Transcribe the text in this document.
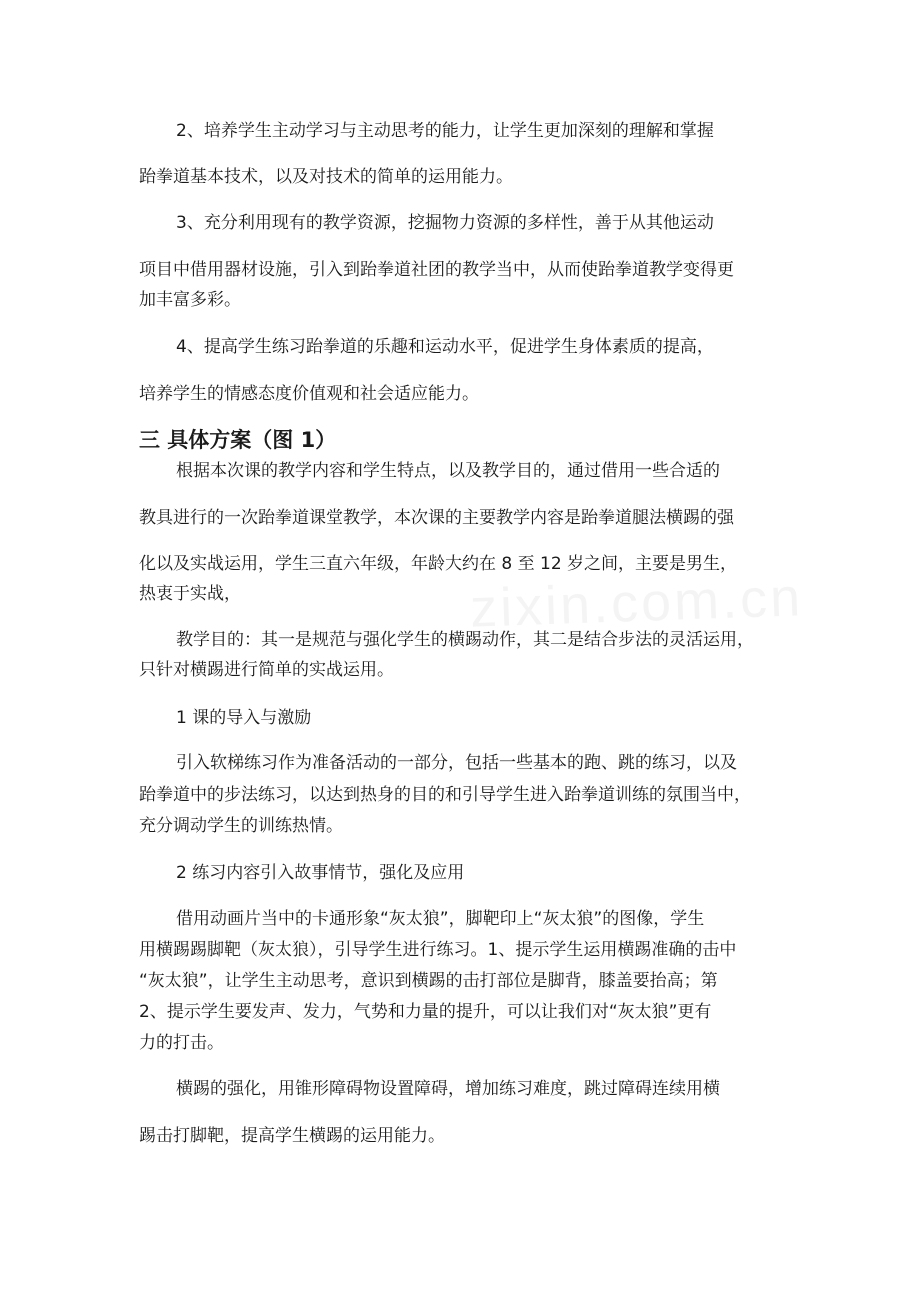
2、培养学生主动学习与主动思考的能力，让学生更加深刻的理解和掌握
跆拳道基本技术，以及对技术的简单的运用能力。
3、充分利用现有的教学资源，挖掘物力资源的多样性，善于从其他运动
项目中借用器材设施，引入到跆拳道社团的教学当中，从而使跆拳道教学变得更
加丰富多彩。
4、提高学生练习跆拳道的乐趣和运动水平，促进学生身体素质的提高，
培养学生的情感态度价值观和社会适应能力。
三 具体方案（图 1）
根据本次课的教学内容和学生特点，以及教学目的，通过借用一些合适的
教具进行的一次跆拳道课堂教学，本次课的主要教学内容是跆拳道腿法横踢的强
化以及实战运用，学生三直六年级，年龄大约在 8 至 12 岁之间，主要是男生，
热衷于实战，
教学目的：其一是规范与强化学生的横踢动作，其二是结合步法的灵活运用，
只针对横踢进行简单的实战运用。
1 课的导入与激励
引入软梯练习作为准备活动的一部分，包括一些基本的跑、跳的练习，以及
跆拳道中的步法练习，以达到热身的目的和引导学生进入跆拳道训练的氛围当中，
充分调动学生的训练热情。
2 练习内容引入故事情节，强化及应用
借用动画片当中的卡通形象“灰太狼”，脚靶印上“灰太狼”的图像，学生
用横踢踢脚靶（灰太狼），引导学生进行练习。1、提示学生运用横踢准确的击中
“灰太狼”，让学生主动思考，意识到横踢的击打部位是脚背，膝盖要抬高；第
2、提示学生要发声、发力，气势和力量的提升，可以让我们对“灰太狼”更有
力的打击。
横踢的强化，用锥形障碍物设置障碍，增加练习难度，跳过障碍连续用横
踢击打脚靶，提高学生横踢的运用能力。
